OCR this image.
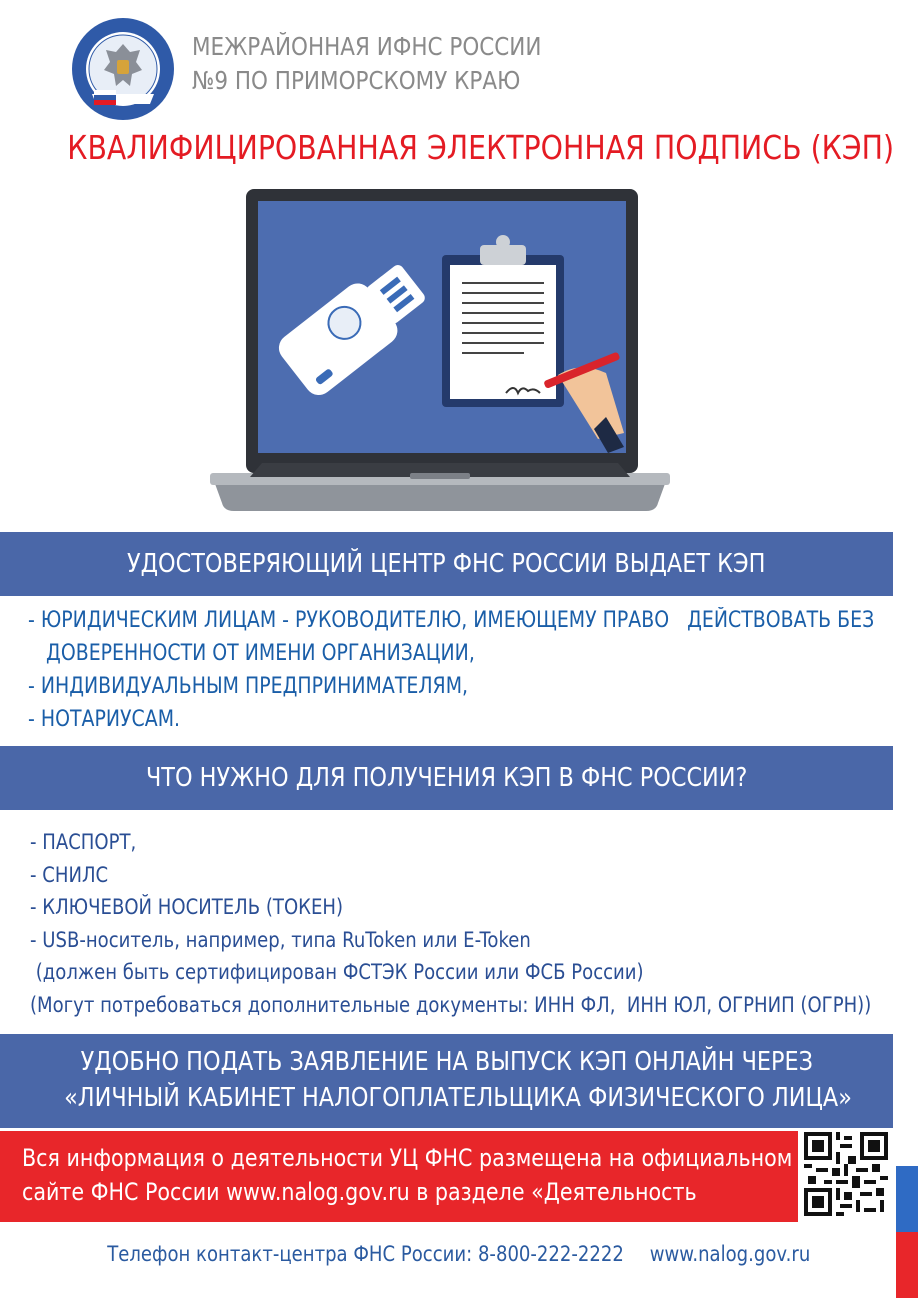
МЕЖРАЙОННАЯ ИФНС РОССИИ
№9 ПО ПРИМОРСКОМУ КРАЮ
КВАЛИФИЦИРОВАННАЯ ЭЛЕКТРОННАЯ ПОДПИСЬ (КЭП)
УДОСТОВЕРЯЮЩИЙ ЦЕНТР ФНС РОССИИ ВЫДАЕТ КЭП
- ЮРИДИЧЕСКИМ ЛИЦАМ - РУКОВОДИТЕЛЮ, ИМЕЮЩЕМУ ПРАВО   ДЕЙСТВОВАТЬ БЕЗ
ДОВЕРЕННОСТИ ОТ ИМЕНИ ОРГАНИЗАЦИИ,
- ИНДИВИДУАЛЬНЫМ ПРЕДПРИНИМАТЕЛЯМ,
- НОТАРИУСАМ.
ЧТО НУЖНО ДЛЯ ПОЛУЧЕНИЯ КЭП В ФНС РОССИИ?
- ПАСПОРТ,
- СНИЛС
- КЛЮЧЕВОЙ НОСИТЕЛЬ (ТОКЕН)
- USB-носитель, например, типа RuToken или E-Token
(должен быть сертифицирован ФСТЭК России или ФСБ России)
(Могут потребоваться дополнительные документы: ИНН ФЛ,  ИНН ЮЛ, ОГРНИП (ОГРН))
УДОБНО ПОДАТЬ ЗАЯВЛЕНИЕ НА ВЫПУСК КЭП ОНЛАЙН ЧЕРЕЗ
«ЛИЧНЫЙ КАБИНЕТ НАЛОГОПЛАТЕЛЬЩИКА ФИЗИЧЕСКОГО ЛИЦА»
Вся информация о деятельности УЦ ФНС размещена на официальном
сайте ФНС России www.nalog.gov.ru в разделе «Деятельность
Телефон контакт-центра ФНС России: 8-800-222-2222 www.nalog.gov.ru
